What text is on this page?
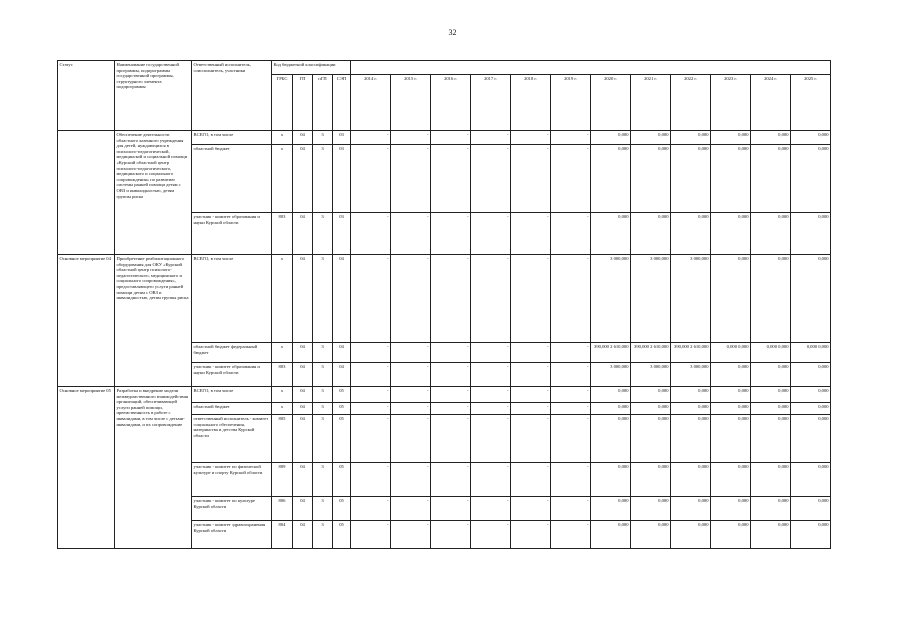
32
Статус	Наименование государственной программы, подпрограммы государственной программы, структурного элемента подпрограммы	Ответственный исполнитель, соисполнитель, участники	Код бюджетной классификации															
			ГРБС	ГП	пГП	СЭП	2014 г.	2015 г.	2016 г.	2017 г.	2018 г.	2019 г.	2020 г.	2021 г.	2022 г.	2023 г.	2024 г.	2025 г.
	Обеспечение деятельности областного казенного учреждения для детей, нуждающихся в психолого-педагогической, медицинской и социальной помощи «Курский областной центр психолого-педагогического, медицинского и социального сопровождения» по развитию системы ранней помощи детям с ОВЗ и инвалидностью, детям группы риска	ВСЕГО, в том числе	х	04	3	03	-	-	-	-	-	-	0,000	0,000	0,000	0,000	0,000	0,000
		областной бюджет	х	04	3	03	-	-	-	-	-	-	0,000	0,000	0,000	0,000	0,000	0,000
		участник - комитет образования и науки Курской области	803	04	3	03	-	-	-	-	-	-	0,000	0,000	0,000	0,000	0,000	0,000
Основное мероприятие 04	Приобретение реабилитационного оборудования для ОКУ «Курский областной центр психолого-педагогического, медицинского и социального сопровождения», предоставляющего услуги ранней помощи детям с ОВЗ и инвалидностью, детям группы риска	ВСЕГО, в том числе	х	04	3	04	-	-	-	-	-	-	3 000,000	3 000,000	3 000,000	0,000	0,000	0,000
		областной бюджет федеральный бюджет	х	04	3	04	-	-	-	-	-	-	390,000 2 610,000	390,000 2 610,000	390,000 2 610,000	0,000 0,000	0,000 0,000	0,000 0,000
		участник - комитет образования и науки Курской области	803	04	3	04	-	-	-	-	-	-	3 000,000	3 000,000	3 000,000	0,000	0,000	0,000
Основное мероприятие 05	Разработка и внедрение модели межведомственного взаимодействия организаций, обеспечивающей услуги ранней помощи, преемственность в работе с инвалидами, в том числе с детьми-инвалидами, и их сопровождение	ВСЕГО, в том числе	х	04	3	05	-	-	-	-	-	-	0,000	0,000	0,000	0,000	0,000	0,000
		областной бюджет	х	04	3	05	-	-	-	-	-	-	0,000	0,000	0,000	0,000	0,000	0,000
		ответственный исполнитель - комитет социального обеспечения, материнства и детства Курской области	805	04	3	05	-	-	-	-	-	-	0,000	0,000	0,000	0,000	0,000	0,000
		участник - комитет по физической культуре и спорту Курской области	809	04	3	05	-	-	-	-	-	-	0,000	0,000	0,000	0,000	0,000	0,000
		участник - комитет по культуре Курской области	806	04	3	05	-	-	-	-	-	-	0,000	0,000	0,000	0,000	0,000	0,000
		участник - комитет здравоохранения Курской области	804	04	3	05	-	-	-	-	-	-	0,000	0,000	0,000	0,000	0,000	0,000
